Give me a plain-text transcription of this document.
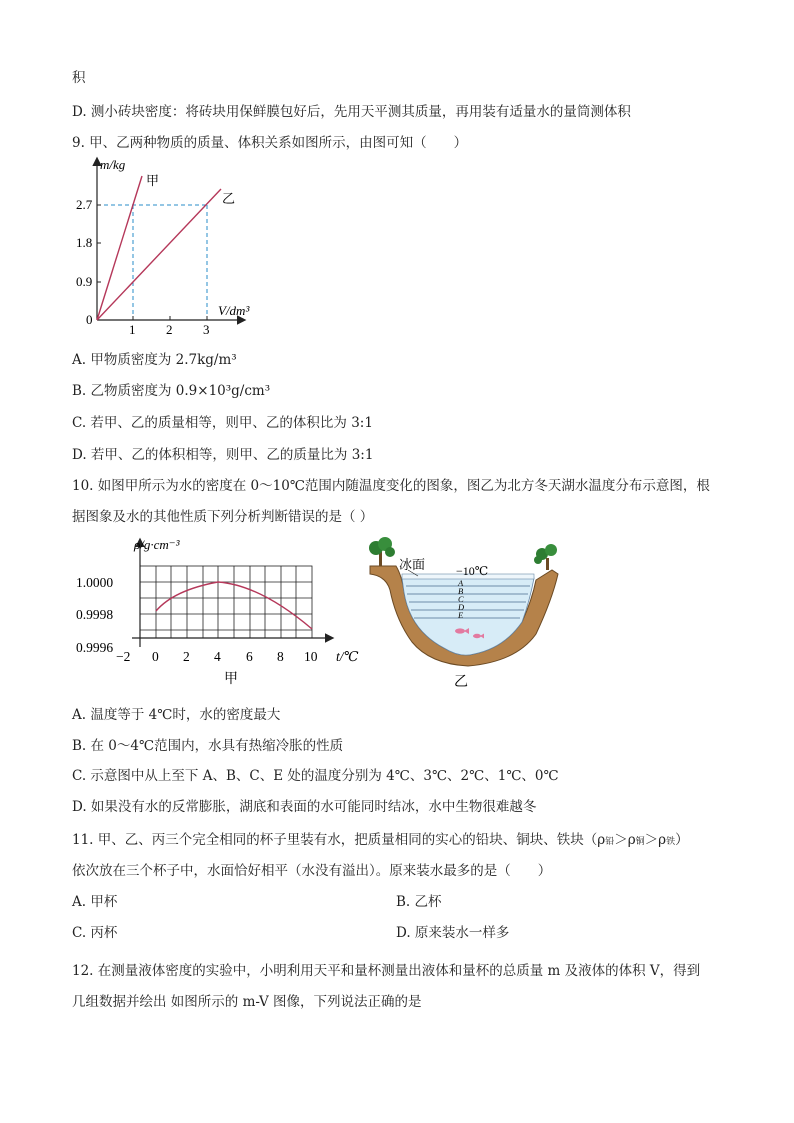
积
D. 测小砖块密度：将砖块用保鲜膜包好后，先用天平测其质量，再用装有适量水的量筒测体积
9. 甲、乙两种物质的质量、体积关系如图所示，由图可知（　　）
0.9
1.8
2.7
0
1 2 3
m/kg
V/dm³
甲
乙
A. 甲物质密度为 2.7kg/m³
B. 乙物质密度为 0.9×10³g/cm³
C. 若甲、乙的质量相等，则甲、乙的体积比为 3:1
D. 若甲、乙的体积相等，则甲、乙的质量比为 3:1
10. 如图甲所示为水的密度在 0～10℃范围内随温度变化的图象，图乙为北方冬天湖水温度分布示意图，根
据图象及水的其他性质下列分析判断错误的是（ ）
ρ/g·cm⁻³
1.0000
0.9998
0.9996
−2 0 2 4 6 8 10 t/℃
甲
A
B
C
D
E
冰面	−10℃
乙
A. 温度等于 4℃时，水的密度最大
B. 在 0～4℃范围内，水具有热缩冷胀的性质
C. 示意图中从上至下 A、B、C、E 处的温度分别为 4℃、3℃、2℃、1℃、0℃
D. 如果没有水的反常膨胀，湖底和表面的水可能同时结冰，水中生物很难越冬
11. 甲、乙、丙三个完全相同的杯子里装有水，把质量相同的实心的铅块、铜块、铁块（ρ铅＞ρ铜＞ρ铁）
依次放在三个杯子中，水面恰好相平（水没有溢出）。原来装水最多的是（　　）
A. 甲杯	B. 乙杯
C. 丙杯	D. 原来装水一样多
12. 在测量液体密度的实验中，小明利用天平和量杯测量出液体和量杯的总质量 m 及液体的体积 V，得到
几组数据并绘出 如图所示的 m-V 图像，下列说法正确的是
